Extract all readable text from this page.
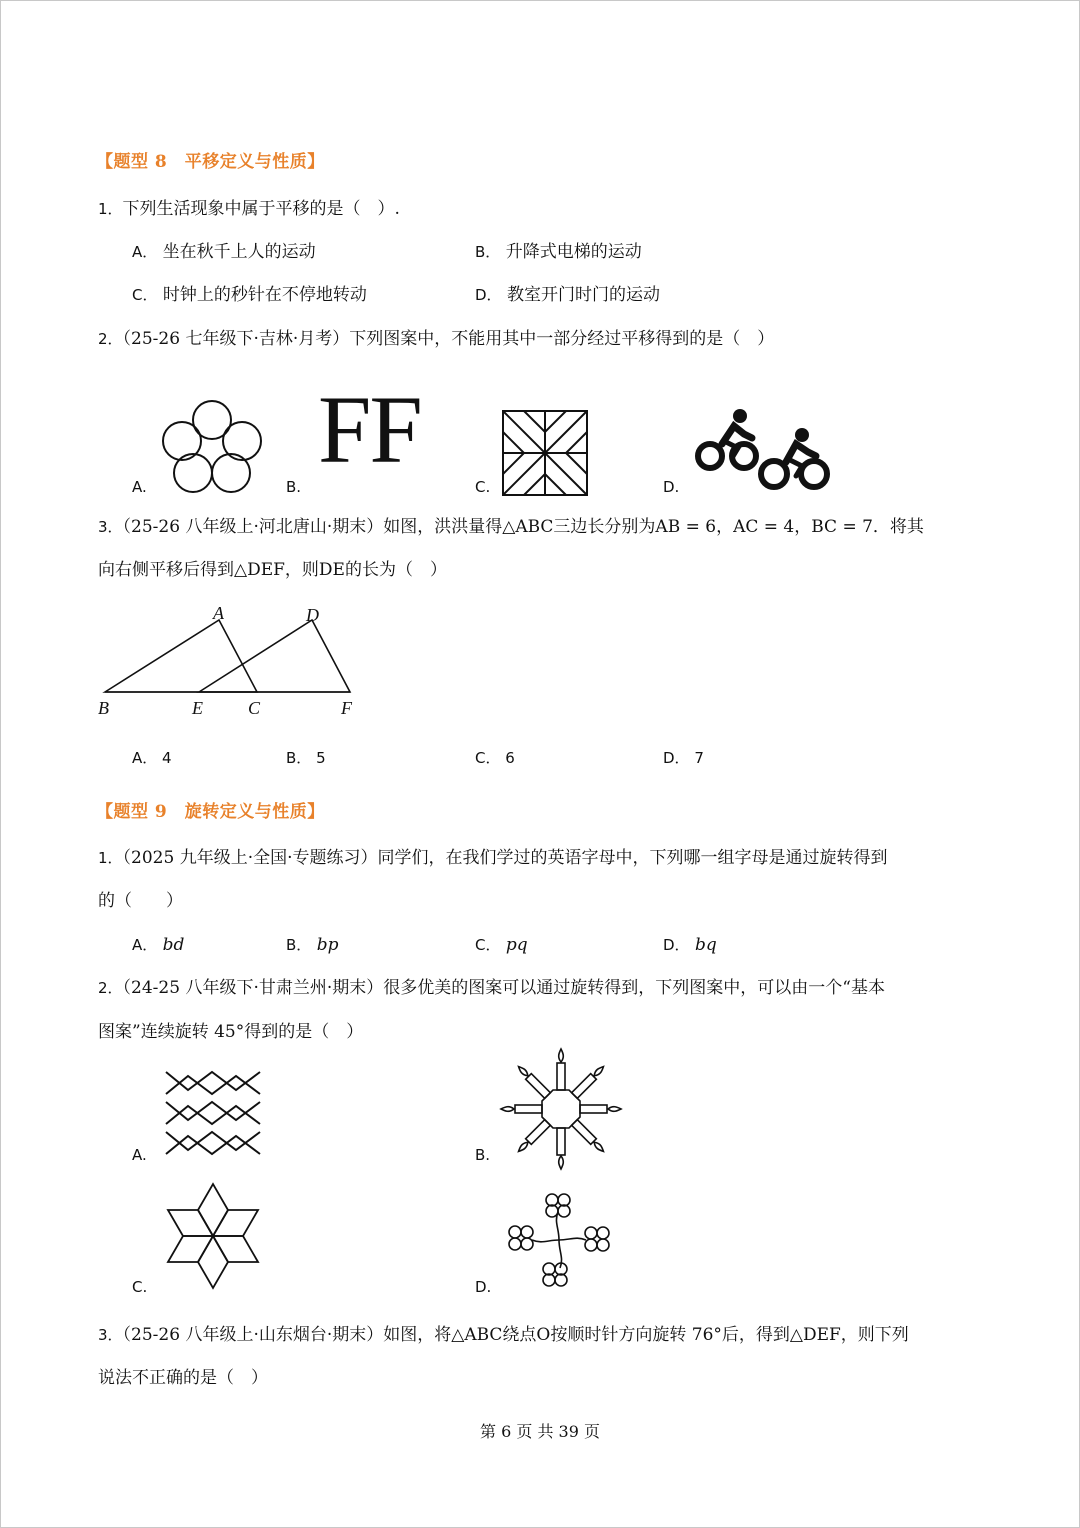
【题型 8　平移定义与性质】
1．下列生活现象中属于平移的是（　）.
A． 坐在秋千上人的运动	B． 升降式电梯的运动
C． 时钟上的秒针在不停地转动	D． 教室开门时门的运动
2．（25-26 七年级下·吉林·月考）下列图案中，不能用其中一部分经过平移得到的是（　）
FF
A.	B.	C.	D.
3．（25-26 八年级上·河北唐山·期末）如图，洪洪量得△ABC三边长分别为AB = 6，AC = 4，BC = 7．将其
向右侧平移后得到△DEF，则DE的长为（　）
A	D
B	E	C	F
A． 4	B． 5	C． 6	D． 7
【题型 9　旋转定义与性质】
1．（2025 九年级上·全国·专题练习）同学们，在我们学过的英语字母中，下列哪一组字母是通过旋转得到
的（　　）
A． bd	B． bp	C． pq	D． bq
2．（24-25 八年级下·甘肃兰州·期末）很多优美的图案可以通过旋转得到，下列图案中，可以由一个“基本
图案”连续旋转 45°得到的是（　）
A.	B.
C.	D.
3．（25-26 八年级上·山东烟台·期末）如图，将△ABC绕点O按顺时针方向旋转 76°后，得到△DEF，则下列
说法不正确的是（　）
第 6 页 共 39 页
